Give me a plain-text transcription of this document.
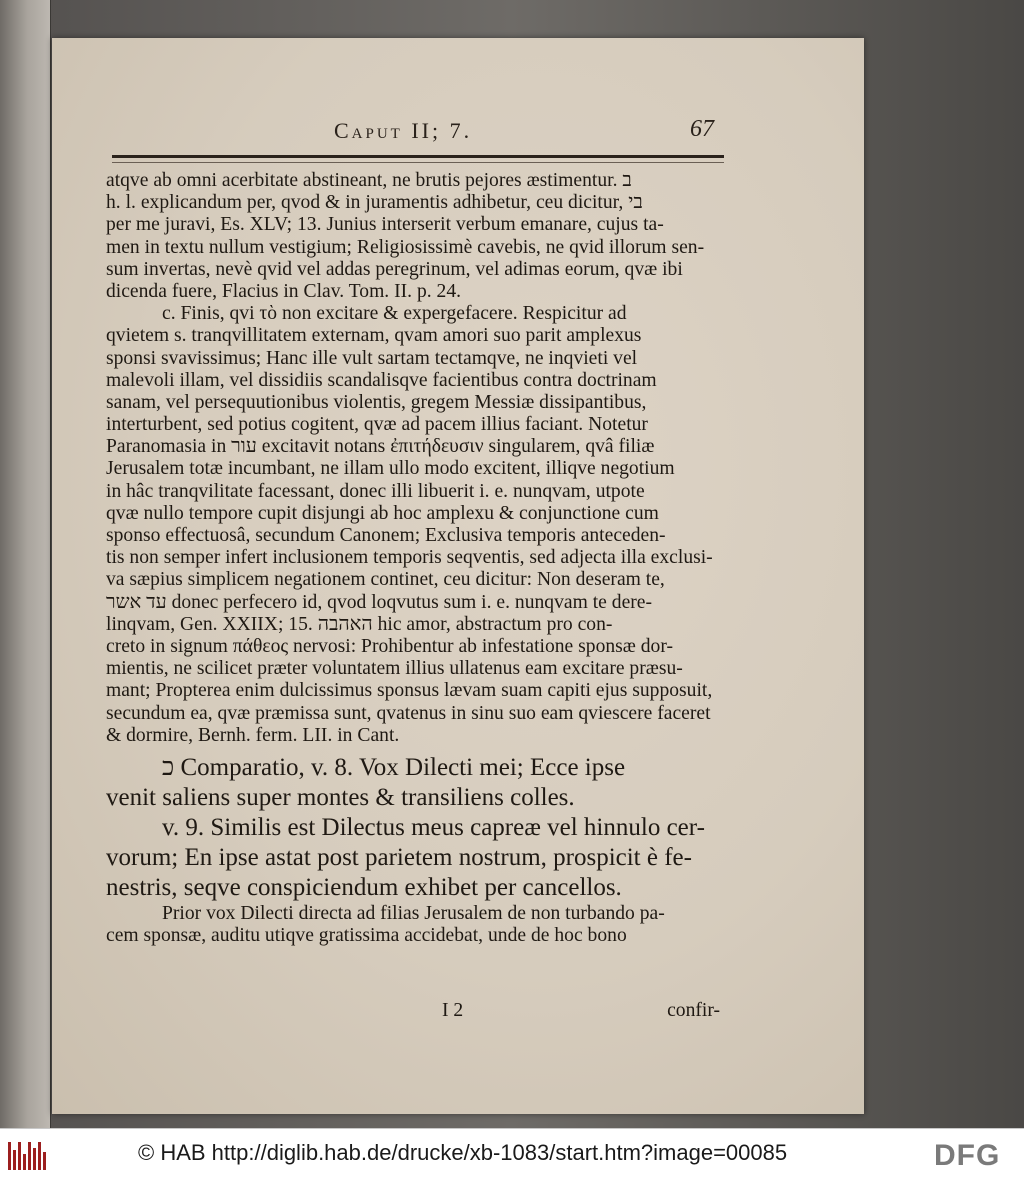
Caput II; 7.	67
atqve ab omni acerbitate abstineant, ne brutis pejores æstimentur. ב
h. l. explicandum per, qvod & in juramentis adhibetur, ceu dicitur, בי
per me juravi, Es. XLV; 13. Junius interserit verbum emanare, cujus ta-
men in textu nullum vestigium; Religiosissimè cavebis, ne qvid illorum sen-
sum invertas, nevè qvid vel addas peregrinum, vel adimas eorum, qvæ ibi
dicenda fuere, Flacius in Clav. Tom. II. p. 24.
c. Finis, qvi τὸ non excitare & expergefacere. Respicitur ad
qvietem s. tranqvillitatem externam, qvam amori suo parit amplexus
sponsi svavissimus; Hanc ille vult sartam tectamqve, ne inqvieti vel
malevoli illam, vel dissidiis scandalisqve facientibus contra doctrinam
sanam, vel persequutionibus violentis, gregem Messiæ dissipantibus,
interturbent, sed potius cogitent, qvæ ad pacem illius faciant. Notetur
Paranomasia in עור excitavit notans ἐπιτήδευσιν singularem, qvâ filiæ
Jerusalem totæ incumbant, ne illam ullo modo excitent, illiqve negotium
in hâc tranqvilitate facessant, donec illi libuerit i. e. nunqvam, utpote
qvæ nullo tempore cupit disjungi ab hoc amplexu & conjunctione cum
sponso effectuosâ, secundum Canonem; Exclusiva temporis anteceden-
tis non semper infert inclusionem temporis seqventis, sed adjecta illa exclusi-
va sæpius simplicem negationem continet, ceu dicitur: Non deseram te,
עד אשר donec perfecero id, qvod loqvutus sum i. e. nunqvam te dere-
linqvam, Gen. XXIIX; 15. האהבה hic amor, abstractum pro con-
creto in signum πάθεος nervosi: Prohibentur ab infestatione sponsæ dor-
mientis, ne scilicet præter voluntatem illius ullatenus eam excitare præsu-
mant; Propterea enim dulcissimus sponsus lævam suam capiti ejus supposuit,
secundum ea, qvæ præmissa sunt, qvatenus in sinu suo eam qviescere faceret
& dormire, Bernh. ferm. LII. in Cant.
כ Comparatio, v. 8. Vox Dilecti mei; Ecce ipse
venit saliens super montes & transiliens colles.
v. 9. Similis est Dilectus meus capreæ vel hinnulo cer-
vorum; En ipse astat post parietem nostrum, prospicit è fe-
nestris, seqve conspiciendum exhibet per cancellos.
Prior vox Dilecti directa ad filias Jerusalem de non turbando pa-
cem sponsæ, auditu utiqve gratissima accidebat, unde de hoc bono
I 2	confir-
© HAB http://diglib.hab.de/drucke/xb-1083/start.htm?image=00085	DFG
